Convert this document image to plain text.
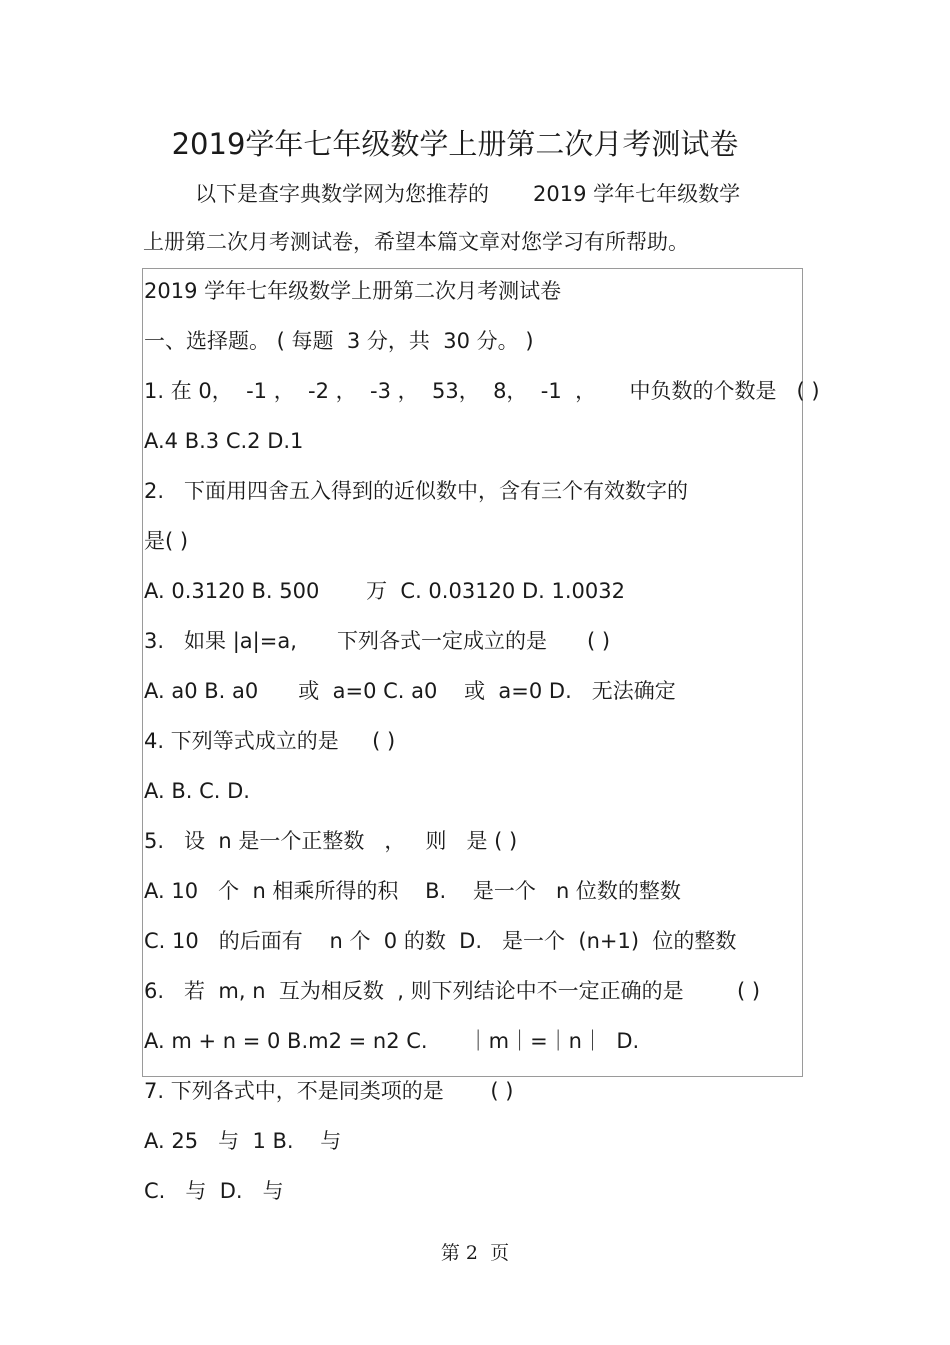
2019学年七年级数学上册第二次月考测试卷
以下是查字典数学网为您推荐的 2019 学年七年级数学
上册第二次月考测试卷，希望本篇文章对您学习有所帮助。
2019 学年七年级数学上册第二次月考测试卷
一、选择题。 ( 每题  3 分，共  30 分。 )
1. 在 0，  -1 ，  -2 ，  -3 ，  53，  8，  -1  ，     中负数的个数是   ( )
A.4 B.3 C.2 D.1
2.   下面用四舍五入得到的近似数中，含有三个有效数字的
是( )
A. 0.3120 B. 500       万  C. 0.03120 D. 1.0032
3.   如果 |a|=a,      下列各式一定成立的是      ( )
A. a0 B. a0      或  a=0 C. a0    或  a=0 D.   无法确定
4. 下列等式成立的是     ( )
A. B. C. D.
5.   设  n 是一个正整数   ，   则   是 ( )
A. 10   个  n 相乘所得的积    B.    是一个   n 位数的整数
C. 10   的后面有    n 个  0 的数  D.   是一个  (n+1)  位的整数
6.   若  m, n  互为相反数  , 则下列结论中不一定正确的是        ( )
A. m + n = 0 B.m2 = n2 C.      ｜m｜=｜n｜  D.
7. 下列各式中，不是同类项的是       ( )
A. 25   与  1 B.    与
C.   与  D.   与
第 2  页
